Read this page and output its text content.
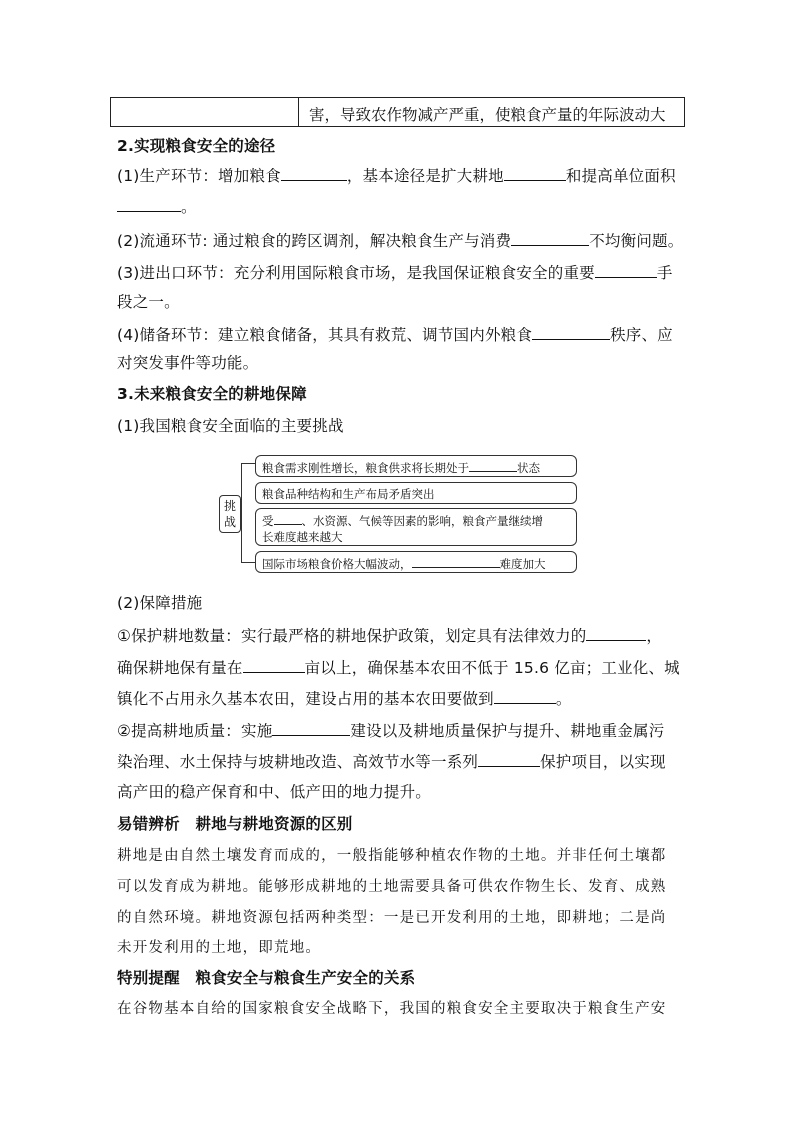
害，导致农作物减产严重，使粮食产量的年际波动大
2.实现粮食安全的途径
(1)生产环节：增加粮食	，基本途径是扩大耕地	和提高单位面积
。
(2)流通环节: 通过粮食的跨区调剂，解决粮食生产与消费	不均衡问题。
(3)进出口环节：充分利用国际粮食市场，是我国保证粮食安全的重要	手
段之一。
(4)储备环节：建立粮食储备，其具有救荒、调节国内外粮食	秩序、应
对突发事件等功能。
3.未来粮食安全的耕地保障
(1)我国粮食安全面临的主要挑战
挑战
粮食需求刚性增长，粮食供求将长期处于	状态
粮食品种结构和生产布局矛盾突出
受 、水资源、气候等因素的影响，粮食产量继续增
长难度越来越大
国际市场粮食价格大幅波动，	难度加大
(2)保障措施
①保护耕地数量：实行最严格的耕地保护政策，划定具有法律效力的	，
确保耕地保有量在	亩以上，确保基本农田不低于 15.6 亿亩；工业化、城
镇化不占用永久基本农田，建设占用的基本农田要做到	。
②提高耕地质量：实施	建设以及耕地质量保护与提升、耕地重金属污
染治理、水土保持与坡耕地改造、高效节水等一系列	保护项目，以实现
高产田的稳产保育和中、低产田的地力提升。
易错辨析　耕地与耕地资源的区别
耕地是由自然土壤发育而成的，一般指能够种植农作物的土地。并非任何土壤都
可以发育成为耕地。能够形成耕地的土地需要具备可供农作物生长、发育、成熟
的自然环境。耕地资源包括两种类型：一是已开发利用的土地，即耕地；二是尚
未开发利用的土地，即荒地。
特别提醒　粮食安全与粮食生产安全的关系
在谷物基本自给的国家粮食安全战略下，我国的粮食安全主要取决于粮食生产安
